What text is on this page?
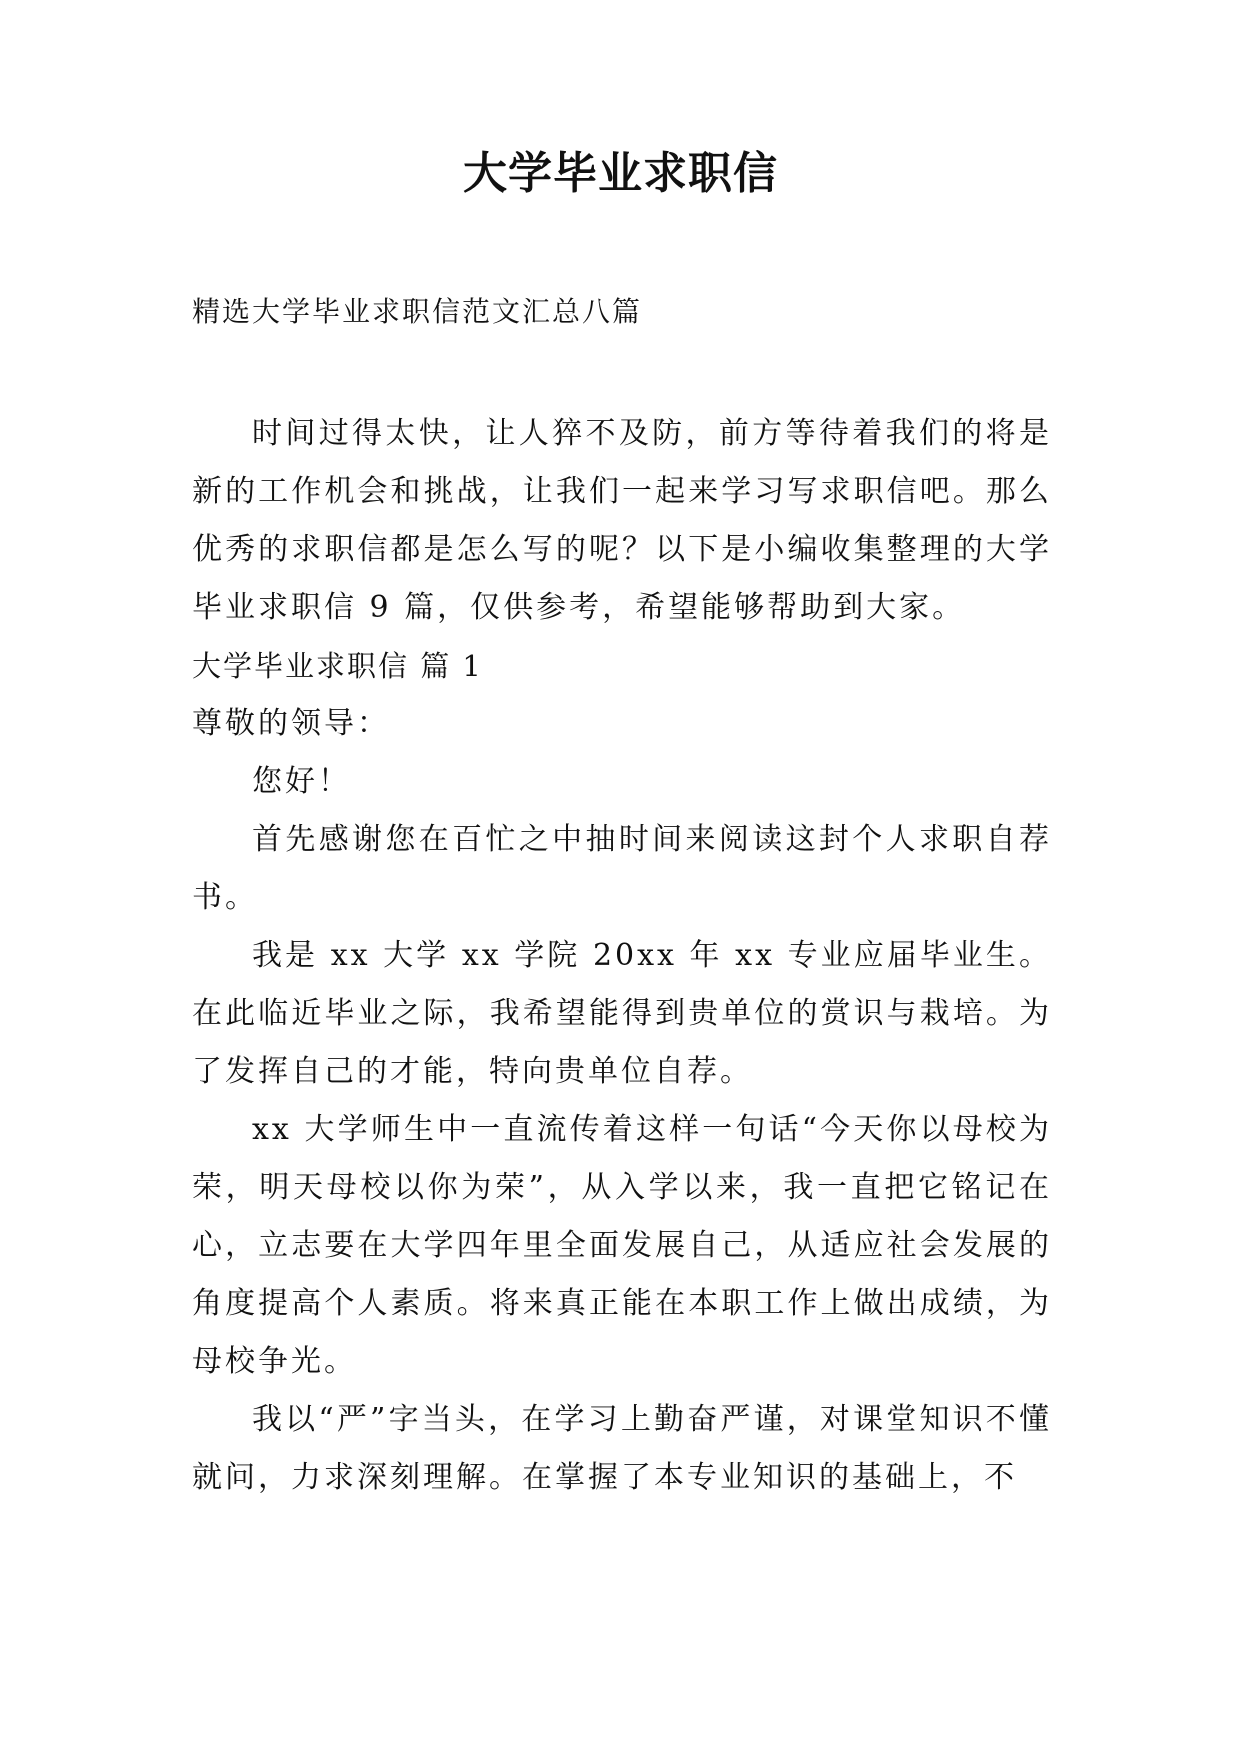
大学毕业求职信
精选大学毕业求职信范文汇总八篇

时间过得太快，让人猝不及防，前方等待着我们的将是新的工作机会和挑战，让我们一起来学习写求职信吧。那么优秀的求职信都是怎么写的呢？以下是小编收集整理的大学毕业求职信 9 篇，仅供参考，希望能够帮助到大家。

大学毕业求职信 篇 1

尊敬的领导：

您好！

首先感谢您在百忙之中抽时间来阅读这封个人求职自荐书。

我是 xx 大学 xx 学院 20xx 年 xx 专业应届毕业生。在此临近毕业之际，我希望能得到贵单位的赏识与栽培。为了发挥自己的才能，特向贵单位自荐。

xx 大学师生中一直流传着这样一句话“今天你以母校为荣，明天母校以你为荣”，从入学以来，我一直把它铭记在心，立志要在大学四年里全面发展自己，从适应社会发展的角度提高个人素质。将来真正能在本职工作上做出成绩，为母校争光。

我以“严”字当头，在学习上勤奋严谨，对课堂知识不懂就问，力求深刻理解。在掌握了本专业知识的基础上，不
